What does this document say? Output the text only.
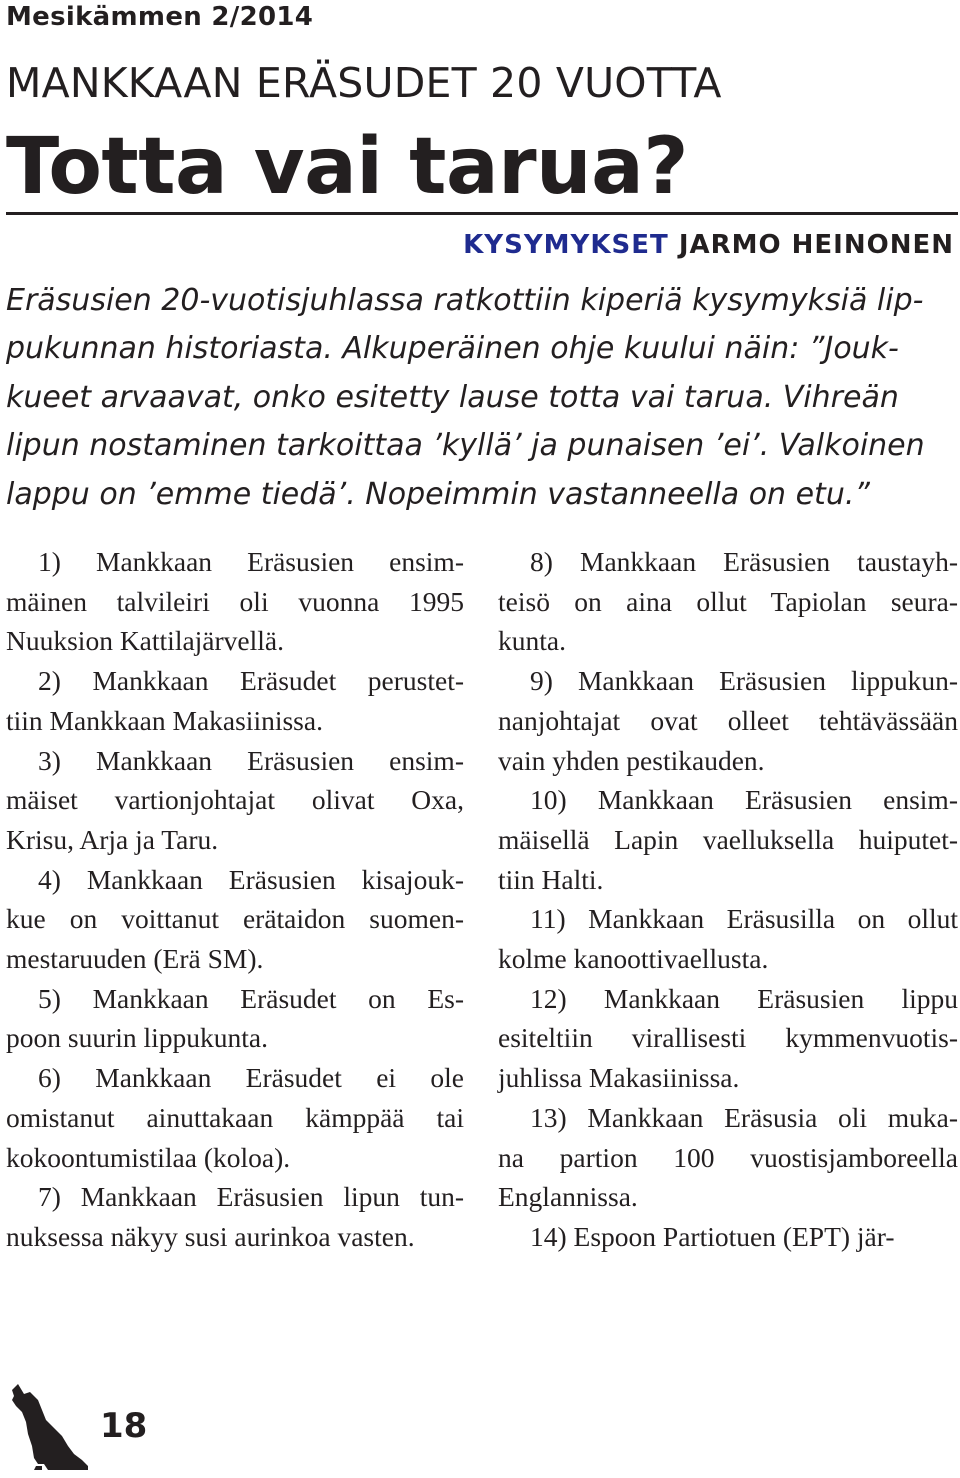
Mesikämmen 2/2014
MANKKAAN ERÄSUDET 20 VUOTTA
Totta vai tarua?
KYSYMYKSET JARMO HEINONEN
Eräsusien 20-vuotisjuhlassa ratkottiin kiperiä kysymyksiä lip-
pukunnan historiasta. Alkuperäinen ohje kuului näin: ”Jouk-
kueet arvaavat, onko esitetty lause totta vai tarua. Vihreän
lipun nostaminen tarkoittaa ’kyllä’ ja punaisen ’ei’. Valkoinen
lappu on ’emme tiedä’. Nopeimmin vastanneella on etu.”
1) Mankkaan Eräsusien ensim-
mäinen talvileiri oli vuonna 1995
Nuuksion Kattilajärvellä.
2) Mankkaan Eräsudet perustet-
tiin Mankkaan Makasiinissa.
3) Mankkaan Eräsusien ensim-
mäiset vartionjohtajat olivat Oxa,
Krisu, Arja ja Taru.
4) Mankkaan Eräsusien kisajouk-
kue on voittanut erätaidon suomen-
mestaruuden (Erä SM).
5) Mankkaan Eräsudet on Es-
poon suurin lippukunta.
6) Mankkaan Eräsudet ei ole
omistanut ainuttakaan kämppää tai
kokoontumistilaa (koloa).
7) Mankkaan Eräsusien lipun tun-
nuksessa näkyy susi aurinkoa vasten.
8) Mankkaan Eräsusien taustayh-
teisö on aina ollut Tapiolan seura-
kunta.
9) Mankkaan Eräsusien lippukun-
nanjohtajat ovat olleet tehtävässään
vain yhden pestikauden.
10) Mankkaan Eräsusien ensim-
mäisellä Lapin vaelluksella huiputet-
tiin Halti.
11) Mankkaan Eräsusilla on ollut
kolme kanoottivaellusta.
12) Mankkaan Eräsusien lippu
esiteltiin virallisesti kymmenvuotis-
juhlissa Makasiinissa.
13) Mankkaan Eräsusia oli muka-
na partion 100 vuostisjamboreella
Englannissa.
14) Espoon Partiotuen (EPT) jär-
18
